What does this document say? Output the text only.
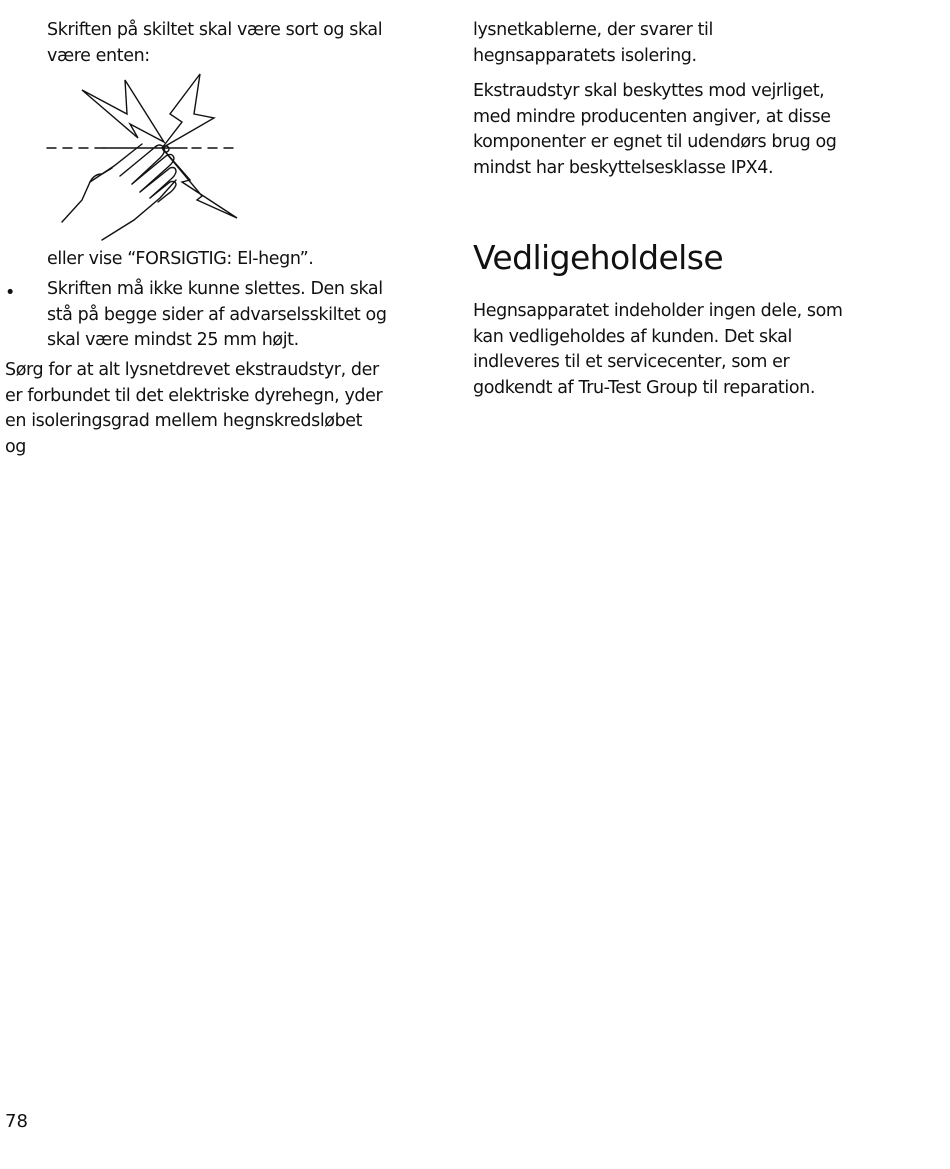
Skriften på skiltet skal være sort og skal være enten:

eller vise “FORSIGTIG: El-hegn”.

• Skriften må ikke kunne slettes. Den skal stå på begge sider af advarselsskiltet og skal være mindst 25 mm højt.

Sørg for at alt lysnetdrevet ekstraudstyr, der er forbundet til det elektriske dyrehegn, yder en isoleringsgrad mellem hegnskredsløbet og

lysnetkablerne, der svarer til hegnsapparatets isolering.

Ekstraudstyr skal beskyttes mod vejrliget, med mindre producenten angiver, at disse komponenter er egnet til udendørs brug og mindst har beskyttelsesklasse IPX4.

Vedligeholdelse

Hegnsapparatet indeholder ingen dele, som kan vedligeholdes af kunden. Det skal indleveres til et servicecenter, som er godkendt af Tru-Test Group til reparation.

78
